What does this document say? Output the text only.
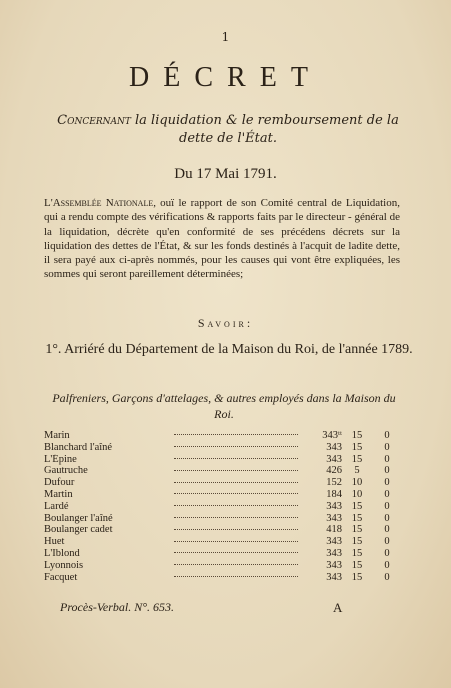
1
DÉCRET
Concernant la liquidation & le remboursement de la
dette de l'État.
Du 17 Mai 1791.
L'Assemblée Nationale, ouï le rapport de son Comité central de Liquidation, qui a rendu compte des vérifications & rapports faits par le directeur - général de la liquidation, décrète qu'en conformité de ses précédens décrets sur la liquidation des dettes de l'État, & sur les fonds destinés à l'acquit de ladite dette, il sera payé aux ci-après nommés, pour les causes qui vont être expliquées, les sommes qui seront pareillement déterminées;
Savoir:
1°. Arriéré du Département de la Maison du Roi, de l'année 1789.
Palfreniers, Garçons d'attelages, & autres employés dans la Maison du Roi.
Marin	343ᵗᵗ 15	0
Blanchard l'aîné	343 15	0
L'Épine	343 15	0
Gautruche	426	5	0
Dufour	152 10	0
Martin	184 10	0
Lardé	343 15	0
Boulanger l'aîné	343 15	0
Boulanger cadet	418 15	0
Huet	343 15	0
L'Iblond	343 15	0
Lyonnois	343 15	0
Facquet	343 15	0
Procès-Verbal. N°. 653.	A
